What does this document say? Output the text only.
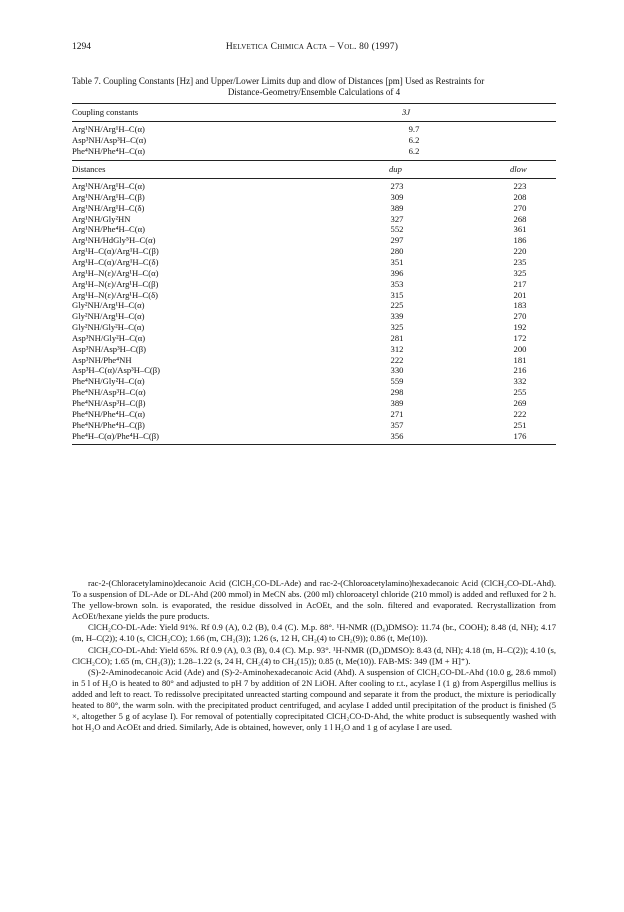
1294	Helvetica Chimica Acta – Vol. 80 (1997)
Table 7. Coupling Constants [Hz] and Upper/Lower Limits dup and dlow of Distances [pm] Used as Restraints for
Distance-Geometry/Ensemble Calculations of 4
Coupling constants	3J
Arg¹NH/Arg¹H–C(α)	9.7
Asp³NH/Asp³H–C(α)	6.2
Phe⁴NH/Phe⁴H–C(α)	6.2
Distances	dup	dlow
Arg¹NH/Arg¹H–C(α)	273	223
Arg¹NH/Arg¹H–C(β)	309	208
Arg¹NH/Arg¹H–C(δ)	389	270
Arg¹NH/Gly²HN	327	268
Arg¹NH/Phe⁴H–C(α)	552	361
Arg¹NH/HdGly⁵H–C(α)	297	186
Arg¹H–C(α)/Arg¹H–C(β)	280	220
Arg¹H–C(α)/Arg¹H–C(δ)	351	235
Arg¹H–N(ε)/Arg¹H–C(α)	396	325
Arg¹H–N(ε)/Arg¹H–C(β)	353	217
Arg¹H–N(ε)/Arg¹H–C(δ)	315	201
Gly²NH/Arg¹H–C(α)	225	183
Gly²NH/Arg¹H–C(α)	339	270
Gly²NH/Gly²H–C(α)	325	192
Asp³NH/Gly²H–C(α)	281	172
Asp³NH/Asp³H–C(β)	312	200
Asp³NH/Phe⁴NH	222	181
Asp³H–C(α)/Asp³H–C(β)	330	216
Phe⁴NH/Gly²H–C(α)	559	332
Phe⁴NH/Asp³H–C(α)	298	255
Phe⁴NH/Asp³H–C(β)	389	269
Phe⁴NH/Phe⁴H–C(α)	271	222
Phe⁴NH/Phe⁴H–C(β)	357	251
Phe⁴H–C(α)/Phe⁴H–C(β)	356	176

rac-2-(Chloracetylamino)decanoic Acid (ClCH₂CO-DL-Ade) and rac-2-(Chloroacetylamino)hexadecanoic Acid (ClCH₂CO-DL-Ahd). To a suspension of DL-Ade or DL-Ahd (200 mmol) in MeCN abs. (200 ml) chloroacetyl chloride (210 mmol) is added and refluxed for 2 h. The yellow-brown soln. is evaporated, the residue dissolved in AcOEt, and the soln. filtered and evaporated. Recrystallization from AcOEt/hexane yields the pure products.

ClCH₂CO-DL-Ade: Yield 91%. Rf 0.9 (A), 0.2 (B), 0.4 (C). M.p. 88°. ¹H-NMR ((D₆)DMSO): 11.74 (br., COOH); 8.48 (d, NH); 4.17 (m, H–C(2)); 4.10 (s, ClCH₂CO); 1.66 (m, CH₂(3)); 1.26 (s, 12 H, CH₂(4) to CH₂(9)); 0.86 (t, Me(10)).

ClCH₂CO-DL-Ahd: Yield 65%. Rf 0.9 (A), 0.3 (B), 0.4 (C). M.p. 93°. ¹H-NMR ((D₆)DMSO): 8.43 (d, NH); 4.18 (m, H–C(2)); 4.10 (s, ClCH₂CO); 1.65 (m, CH₂(3)); 1.28–1.22 (s, 24 H, CH₂(4) to CH₂(15)); 0.85 (t, Me(10)). FAB-MS: 349 ([M + H]⁺).

(S)-2-Aminodecanoic Acid (Ade) and (S)-2-Aminohexadecanoic Acid (Ahd). A suspension of ClCH₂CO-DL-Ahd (10.0 g, 28.6 mmol) in 5 l of H₂O is heated to 80° and adjusted to pH 7 by addition of 2N LiOH. After cooling to r.t., acylase I (1 g) from Aspergillus mellius is added and left to react. To redissolve precipitated unreacted starting compound and separate it from the product, the mixture is periodically heated to 80°, the warm soln. with the precipitated product centrifuged, and acylase I added until precipitation of the product is finished (5 ×, altogether 5 g of acylase I). For removal of potentially coprecipitated ClCH₂CO-D-Ahd, the white product is subsequently washed with hot H₂O and AcOEt and dried. Similarly, Ade is obtained, however, only 1 l H₂O and 1 g of acylase I are used.
